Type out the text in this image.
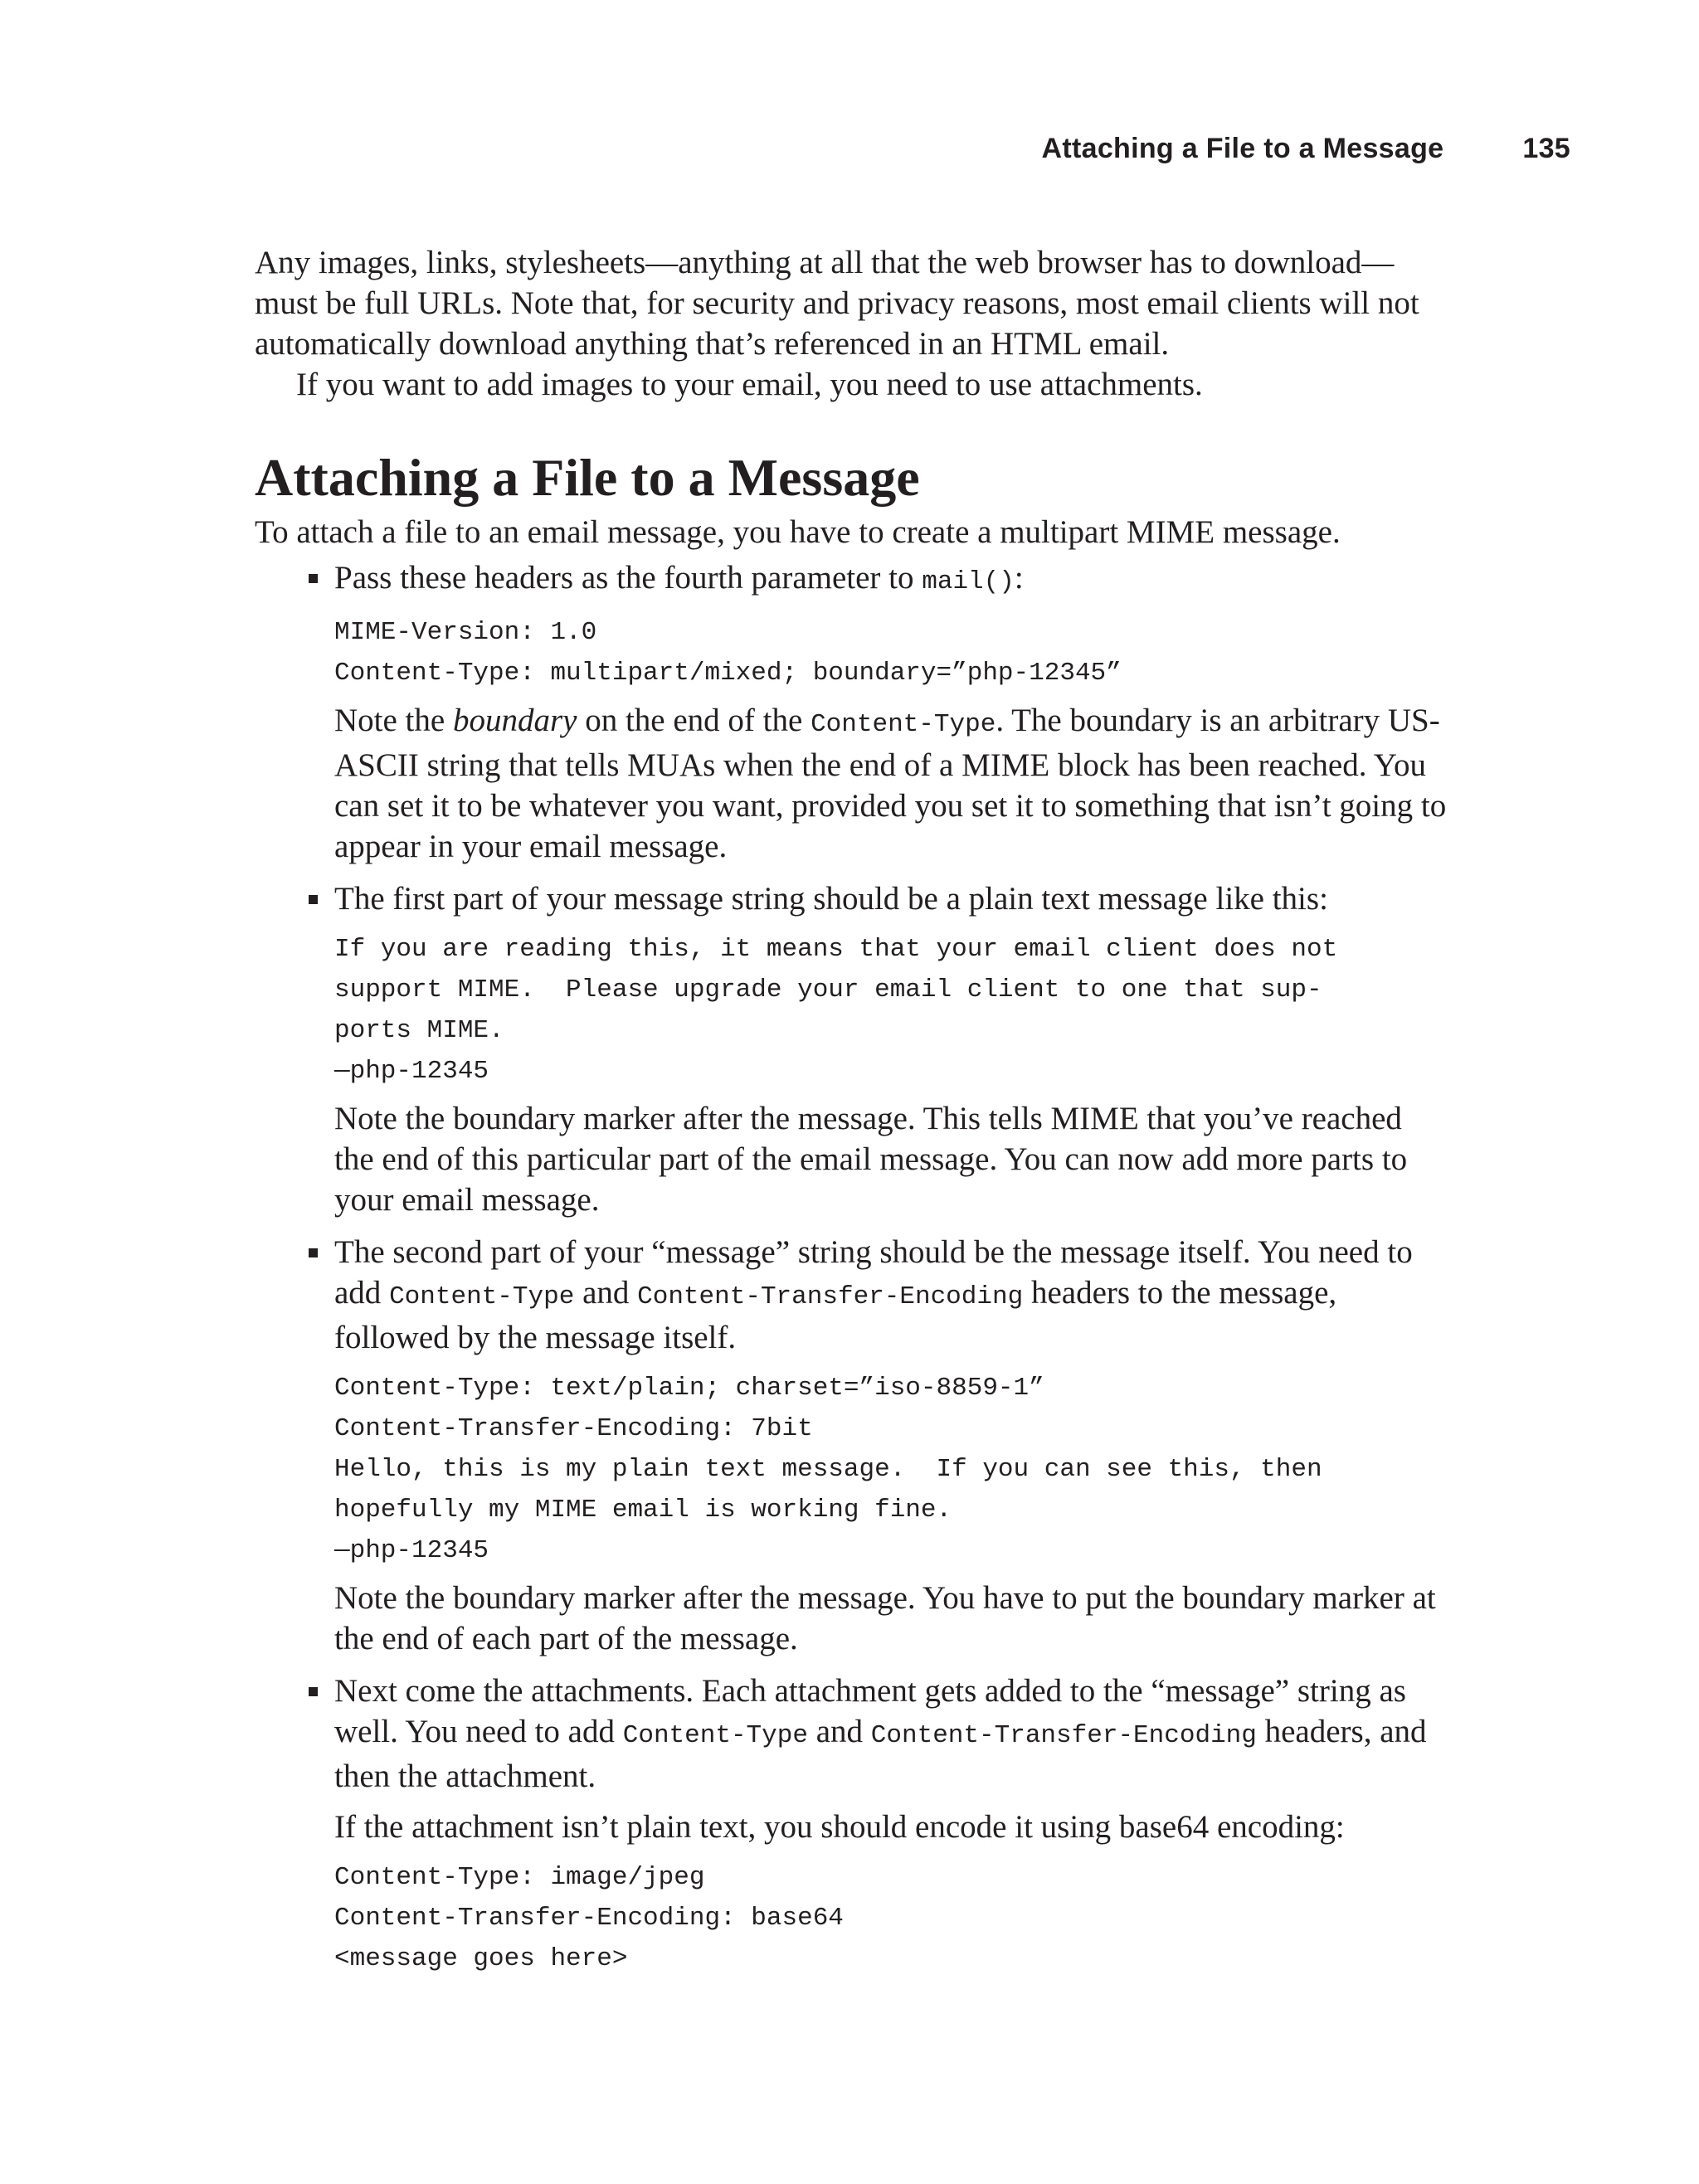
Attaching a File to a Message	135

Any images, links, stylesheets—anything at all that the web browser has to download—must be full URLs. Note that, for security and privacy reasons, most email clients will not automatically download anything that’s referenced in an HTML email.

If you want to add images to your email, you need to use attachments.

Attaching a File to a Message

To attach a file to an email message, you have to create a multipart MIME message.

Pass these headers as the fourth parameter to mail():

MIME-Version: 1.0
Content-Type: multipart/mixed; boundary=”php-12345”

Note the boundary on the end of the Content-Type. The boundary is an arbitrary US-ASCII string that tells MUAs when the end of a MIME block has been reached. You can set it to be whatever you want, provided you set it to something that isn’t going to appear in your email message.

The first part of your message string should be a plain text message like this:

If you are reading this, it means that your email client does not
support MIME.  Please upgrade your email client to one that sup-
ports MIME.
—php-12345

Note the boundary marker after the message. This tells MIME that you’ve reached the end of this particular part of the email message. You can now add more parts to your email message.

The second part of your “message” string should be the message itself. You need to add Content-Type and Content-Transfer-Encoding headers to the message, followed by the message itself.

Content-Type: text/plain; charset=”iso-8859-1”
Content-Transfer-Encoding: 7bit
Hello, this is my plain text message.  If you can see this, then
hopefully my MIME email is working fine.
—php-12345

Note the boundary marker after the message. You have to put the boundary marker at the end of each part of the message.

Next come the attachments. Each attachment gets added to the “message” string as well. You need to add Content-Type and Content-Transfer-Encoding headers, and then the attachment.

If the attachment isn’t plain text, you should encode it using base64 encoding:

Content-Type: image/jpeg
Content-Transfer-Encoding: base64
<message goes here>
